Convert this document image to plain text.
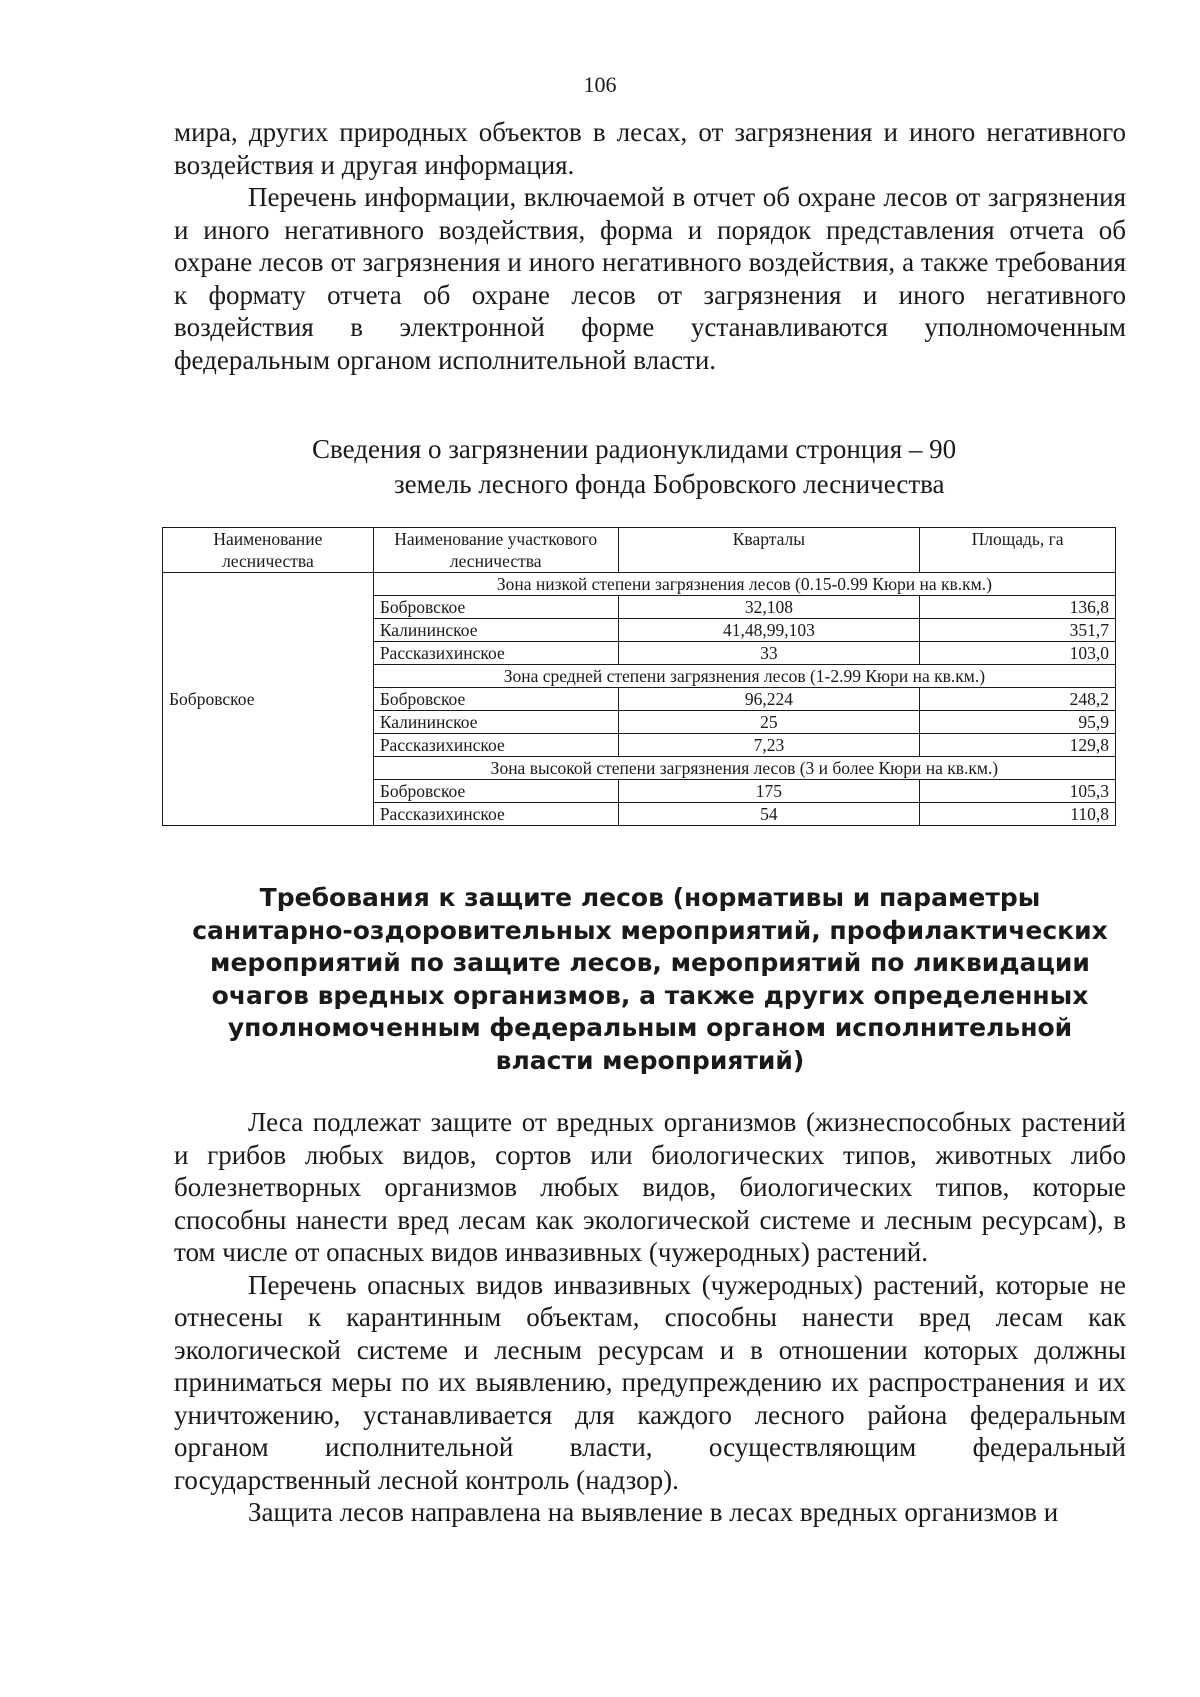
106

мира, других природных объектов в лесах, от загрязнения и иного негативного воздействия и другая информация.

Перечень информации, включаемой в отчет об охране лесов от загрязнения и иного негативного воздействия, форма и порядок представления отчета об охране лесов от загрязнения и иного негативного воздействия, а также требования к формату отчета об охране лесов от загрязнения и иного негативного воздействия в электронной форме устанавливаются уполномоченным федеральным органом исполнительной власти.

Сведения о загрязнении радионуклидами стронция – 90
земель лесного фонда Бобровского лесничества
Наименование лесничества	Наименование участкового лесничества	Кварталы	Площадь, га
Бобровское	Зона низкой степени загрязнения лесов (0.15-0.99 Кюри на кв.км.)		
	Бобровское	32,108	136,8
	Калининское	41,48,99,103	351,7
	Рассказихинское	33	103,0
	Зона средней степени загрязнения лесов (1-2.99 Кюри на кв.км.)		
	Бобровское	96,224	248,2
	Калининское	25	95,9
	Рассказихинское	7,23	129,8
	Зона высокой степени загрязнения лесов (3 и более Кюри на кв.км.)		
	Бобровское	175	105,3
	Рассказихинское	54	110,8
Требования к защите лесов (нормативы и параметры
санитарно-оздоровительных мероприятий, профилактических
мероприятий по защите лесов, мероприятий по ликвидации
очагов вредных организмов, а также других определенных
уполномоченным федеральным органом исполнительной
власти мероприятий)

Леса подлежат защите от вредных организмов (жизнеспособных растений и грибов любых видов, сортов или биологических типов, животных либо болезнетворных организмов любых видов, биологических типов, которые способны нанести вред лесам как экологической системе и лесным ресурсам), в том числе от опасных видов инвазивных (чужеродных) растений.

Перечень опасных видов инвазивных (чужеродных) растений, которые не отнесены к карантинным объектам, способны нанести вред лесам как экологической системе и лесным ресурсам и в отношении которых должны приниматься меры по их выявлению, предупреждению их распространения и их уничтожению, устанавливается для каждого лесного района федеральным органом исполнительной власти, осуществляющим федеральный государственный лесной контроль (надзор).

Защита лесов направлена на выявление в лесах вредных организмов и
